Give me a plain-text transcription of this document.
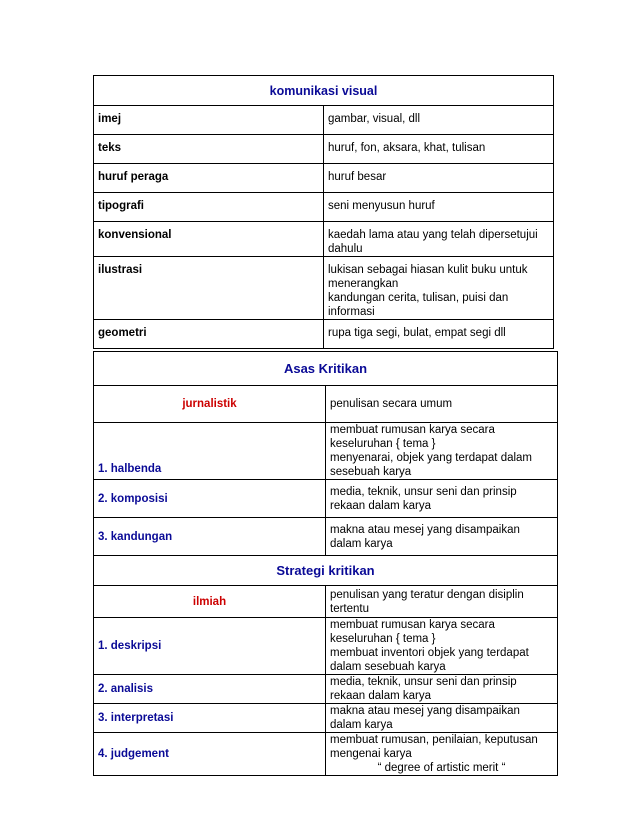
komunikasi visual	
imej	gambar, visual, dll
teks	huruf, fon, aksara, khat, tulisan
huruf peraga	huruf besar
tipografi	seni menyusun huruf
konvensional	kaedah lama atau yang telah dipersetujui dahulu
ilustrasi	lukisan sebagai hiasan kulit buku untuk menerangkan
kandungan cerita, tulisan, puisi dan informasi

geometri	rupa tiga segi, bulat, empat segi dll
Asas Kritikan	
jurnalistik	penulisan secara umum
1. halbenda	membuat rumusan karya secara keseluruhan { tema }
menyenarai, objek yang terdapat dalam sesebuah karya

2. komposisi	media, teknik, unsur seni dan prinsip rekaan dalam karya
3. kandungan	makna atau mesej yang disampaikan dalam karya
Strategi kritikan	
ilmiah	penulisan yang teratur dengan disiplin tertentu
1. deskripsi	membuat rumusan karya secara keseluruhan { tema }
membuat inventori objek yang terdapat dalam sesebuah karya

2. analisis	media, teknik, unsur seni dan prinsip rekaan dalam karya
3. interpretasi	makna atau mesej yang disampaikan dalam karya
4. judgement	membuat rumusan, penilaian, keputusan mengenai karya
“ degree of artistic merit “
